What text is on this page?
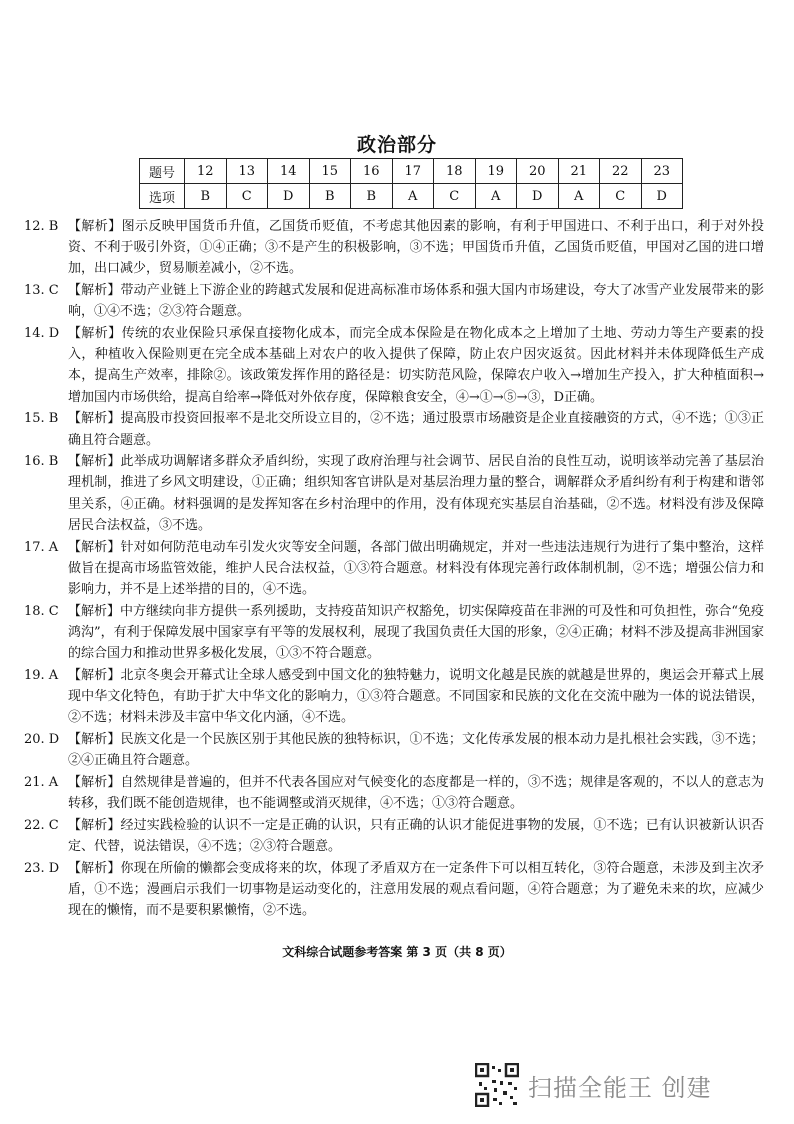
政治部分
题号	12	13	14	15	16	17	18	19	20	21	22	23
选项	B	C	D	B	B	A	C	A	D	A	C	D
12. B 【解析】图示反映甲国货币升值，乙国货币贬值，不考虑其他因素的影响，有利于甲国进口、不利于出口，利于对外投资、不利于吸引外资，①④正确；③不是产生的积极影响，③不选；甲国货币升值，乙国货币贬值，甲国对乙国的进口增加，出口减少，贸易顺差减小，②不选。
13. C 【解析】带动产业链上下游企业的跨越式发展和促进高标准市场体系和强大国内市场建设，夸大了冰雪产业发展带来的影响，①④不选；②③符合题意。
14. D 【解析】传统的农业保险只承保直接物化成本，而完全成本保险是在物化成本之上增加了土地、劳动力等生产要素的投入，种植收入保险则更在完全成本基础上对农户的收入提供了保障，防止农户因灾返贫。因此材料并未体现降低生产成本，提高生产效率，排除②。该政策发挥作用的路径是：切实防范风险，保障农户收入→增加生产投入，扩大种植面积→增加国内市场供给，提高自给率→降低对外依存度，保障粮食安全，④→①→⑤→③，D正确。
15. B 【解析】提高股市投资回报率不是北交所设立目的，②不选；通过股票市场融资是企业直接融资的方式，④不选；①③正确且符合题意。
16. B 【解析】此举成功调解诸多群众矛盾纠纷，实现了政府治理与社会调节、居民自治的良性互动，说明该举动完善了基层治理机制，推进了乡风文明建设，①正确；组织知客官讲队是对基层治理力量的整合，调解群众矛盾纠纷有利于构建和谐邻里关系，④正确。材料强调的是发挥知客在乡村治理中的作用，没有体现充实基层自治基础，②不选。材料没有涉及保障居民合法权益，③不选。
17. A 【解析】针对如何防范电动车引发火灾等安全问题，各部门做出明确规定，并对一些违法违规行为进行了集中整治，这样做旨在提高市场监管效能，维护人民合法权益，①③符合题意。材料没有体现完善行政体制机制，②不选；增强公信力和影响力，并不是上述举措的目的，④不选。
18. C 【解析】中方继续向非方提供一系列援助，支持疫苗知识产权豁免，切实保障疫苗在非洲的可及性和可负担性，弥合“免疫鸿沟”，有利于保障发展中国家享有平等的发展权利，展现了我国负责任大国的形象，②④正确；材料不涉及提高非洲国家的综合国力和推动世界多极化发展，①③不符合题意。
19. A 【解析】北京冬奥会开幕式让全球人感受到中国文化的独特魅力，说明文化越是民族的就越是世界的，奥运会开幕式上展现中华文化特色，有助于扩大中华文化的影响力，①③符合题意。不同国家和民族的文化在交流中融为一体的说法错误，②不选；材料未涉及丰富中华文化内涵，④不选。
20. D 【解析】民族文化是一个民族区别于其他民族的独特标识，①不选；文化传承发展的根本动力是扎根社会实践，③不选；②④正确且符合题意。
21. A 【解析】自然规律是普遍的，但并不代表各国应对气候变化的态度都是一样的，③不选；规律是客观的，不以人的意志为转移，我们既不能创造规律，也不能调整或消灭规律，④不选；①③符合题意。
22. C 【解析】经过实践检验的认识不一定是正确的认识，只有正确的认识才能促进事物的发展，①不选；已有认识被新认识否定、代替，说法错误，④不选；②③符合题意。
23. D 【解析】你现在所偷的懒都会变成将来的坎，体现了矛盾双方在一定条件下可以相互转化，③符合题意，未涉及到主次矛盾，①不选；漫画启示我们一切事物是运动变化的，注意用发展的观点看问题，④符合题意；为了避免未来的坎，应减少现在的懒惰，而不是要积累懒惰，②不选。
文科综合试题参考答案 第 3 页（共 8 页）
扫描全能王 创建
